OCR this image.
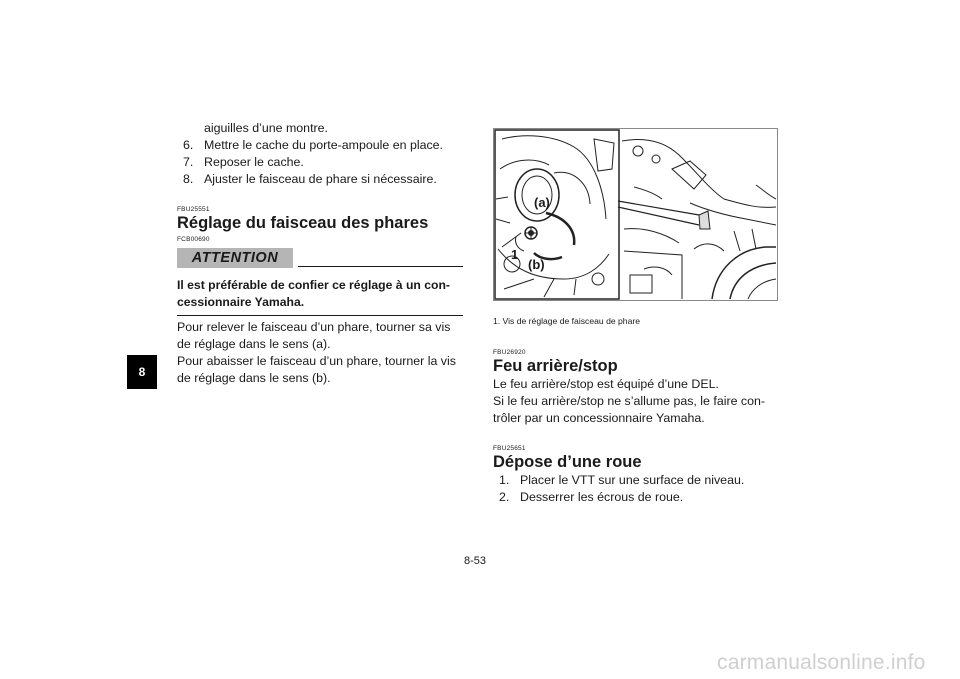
8
aiguilles d’une montre.
6. Mettre le cache du porte-ampoule en place.
7. Reposer le cache.
8. Ajuster le faisceau de phare si nécessaire.
FBU25551
Réglage du faisceau des phares
FCB00690
ATTENTION
Il est préférable de confier ce réglage à un con-
cessionnaire Yamaha.
Pour relever le faisceau d’un phare, tourner sa vis
de réglage dans le sens (a).
Pour abaisser le faisceau d’un phare, tourner la vis
de réglage dans le sens (b).
(a)
(b)
1
1. Vis de réglage de faisceau de phare
FBU26920
Feu arrière/stop
Le feu arrière/stop est équipé d’une DEL.
Si le feu arrière/stop ne s’allume pas, le faire con-
trôler par un concessionnaire Yamaha.
FBU25651
Dépose d’une roue
1. Placer le VTT sur une surface de niveau.
2. Desserrer les écrous de roue.
8-53
carmanualsonline.info
